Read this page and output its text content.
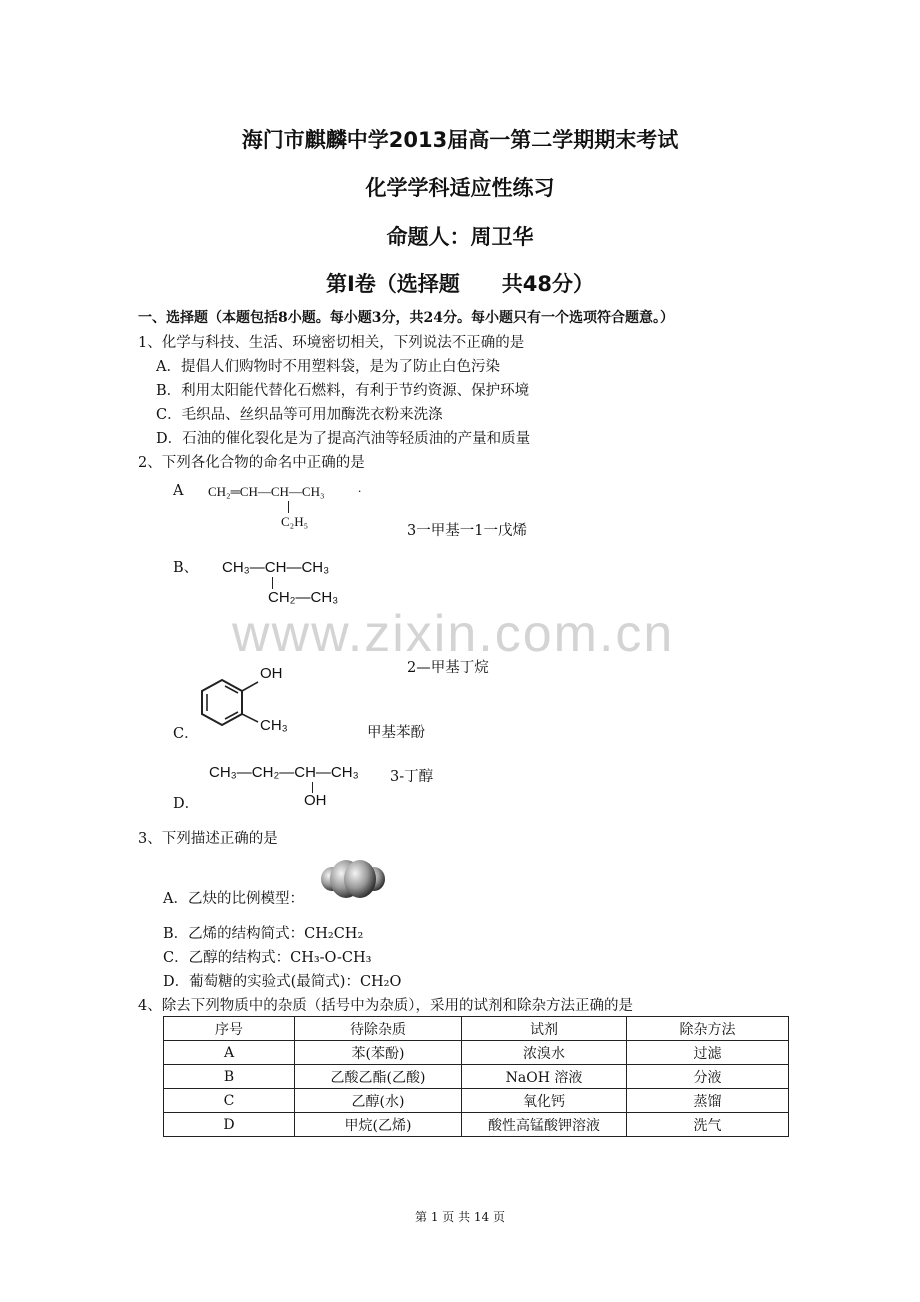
海门市麒麟中学2013届高一第二学期期末考试
化学学科适应性练习
命题人：周卫华
第Ⅰ卷（选择题　　共48分）
一、选择题（本题包括8小题。每小题3分，共24分。每小题只有一个选项符合题意。）
1、化学与科技、生活、环境密切相关，下列说法不正确的是
A．提倡人们购物时不用塑料袋，是为了防止白色污染
B．利用太阳能代替化石燃料，有利于节约资源、保护环境
C．毛织品、丝织品等可用加酶洗衣粉来洗涤
D．石油的催化裂化是为了提高汽油等轻质油的产量和质量
2、下列各化合物的命名中正确的是
A CH₂═CH—CH—CH₃	.
C₂H₅
3一甲基一1一戊烯
B、 CH₃—CH—CH₃
CH₂—CH₃
2—甲基丁烷
www.zixin.com.cn
OH
CH₃
C．	甲基苯酚
CH₃—CH₂—CH—CH₃
OH
3-丁醇
D．
3、下列描述正确的是
A．乙炔的比例模型：
B．乙烯的结构简式：CH₂CH₂
C．乙醇的结构式：CH₃-O-CH₃
D．葡萄糖的实验式(最简式)：CH₂O
4、除去下列物质中的杂质（括号中为杂质），采用的试剂和除杂方法正确的是
序号	待除杂质	试剂	除杂方法
A	苯(苯酚)	浓溴水	过滤
B	乙酸乙酯(乙酸)	NaOH 溶液	分液
C	乙醇(水)	氧化钙	蒸馏
D	甲烷(乙烯)	酸性高锰酸钾溶液	洗气
第 1 页 共 14 页
